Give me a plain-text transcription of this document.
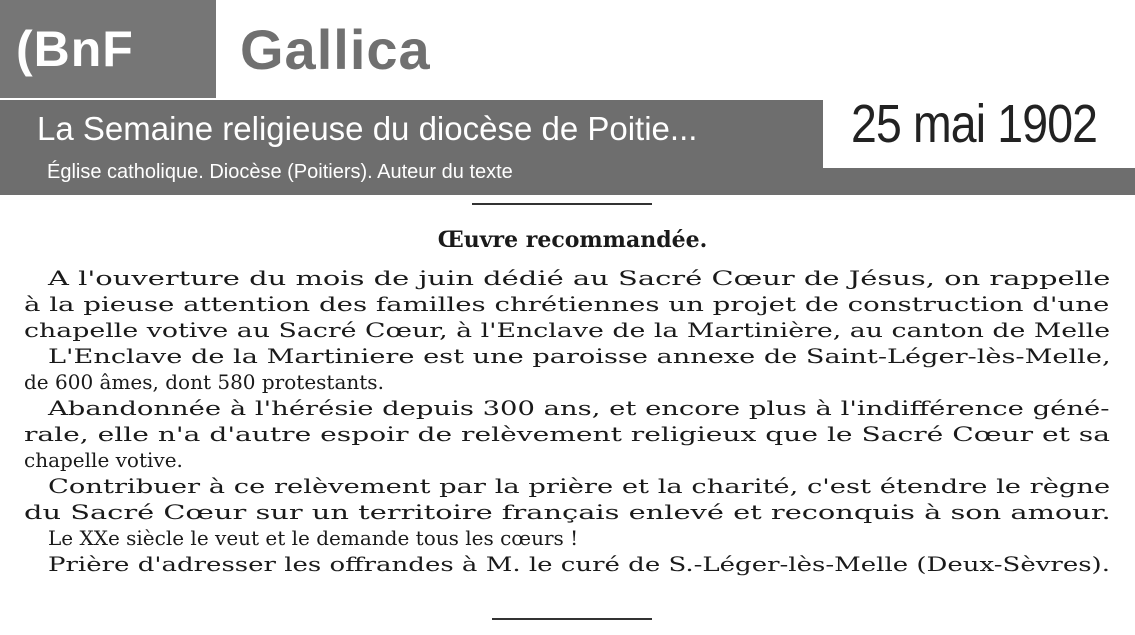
(BnF	Gallica
La Semaine religieuse du diocèse de Poitie...
Église catholique. Diocèse (Poitiers). Auteur du texte
25 mai 1902
Œuvre recommandée.
A l'ouverture du mois de juin dédié au Sacré Cœur de Jésus, on rappelle
à la pieuse attention des familles chrétiennes un projet de construction d'une
chapelle votive au Sacré Cœur, à l'Enclave de la Martinière, au canton de Melle
L'Enclave de la Martiniere est une paroisse annexe de Saint-Léger-lès-Melle,
de 600 âmes, dont 580 protestants.
Abandonnée à l'hérésie depuis 300 ans, et encore plus à l'indifférence géné-
rale, elle n'a d'autre espoir de relèvement religieux que le Sacré Cœur et sa
chapelle votive.
Contribuer à ce relèvement par la prière et la charité, c'est étendre le règne
du Sacré Cœur sur un territoire français enlevé et reconquis à son amour.
Le XXe siècle le veut et le demande tous les cœurs !
Prière d'adresser les offrandes à M. le curé de S.-Léger-lès-Melle (Deux-Sèvres).
